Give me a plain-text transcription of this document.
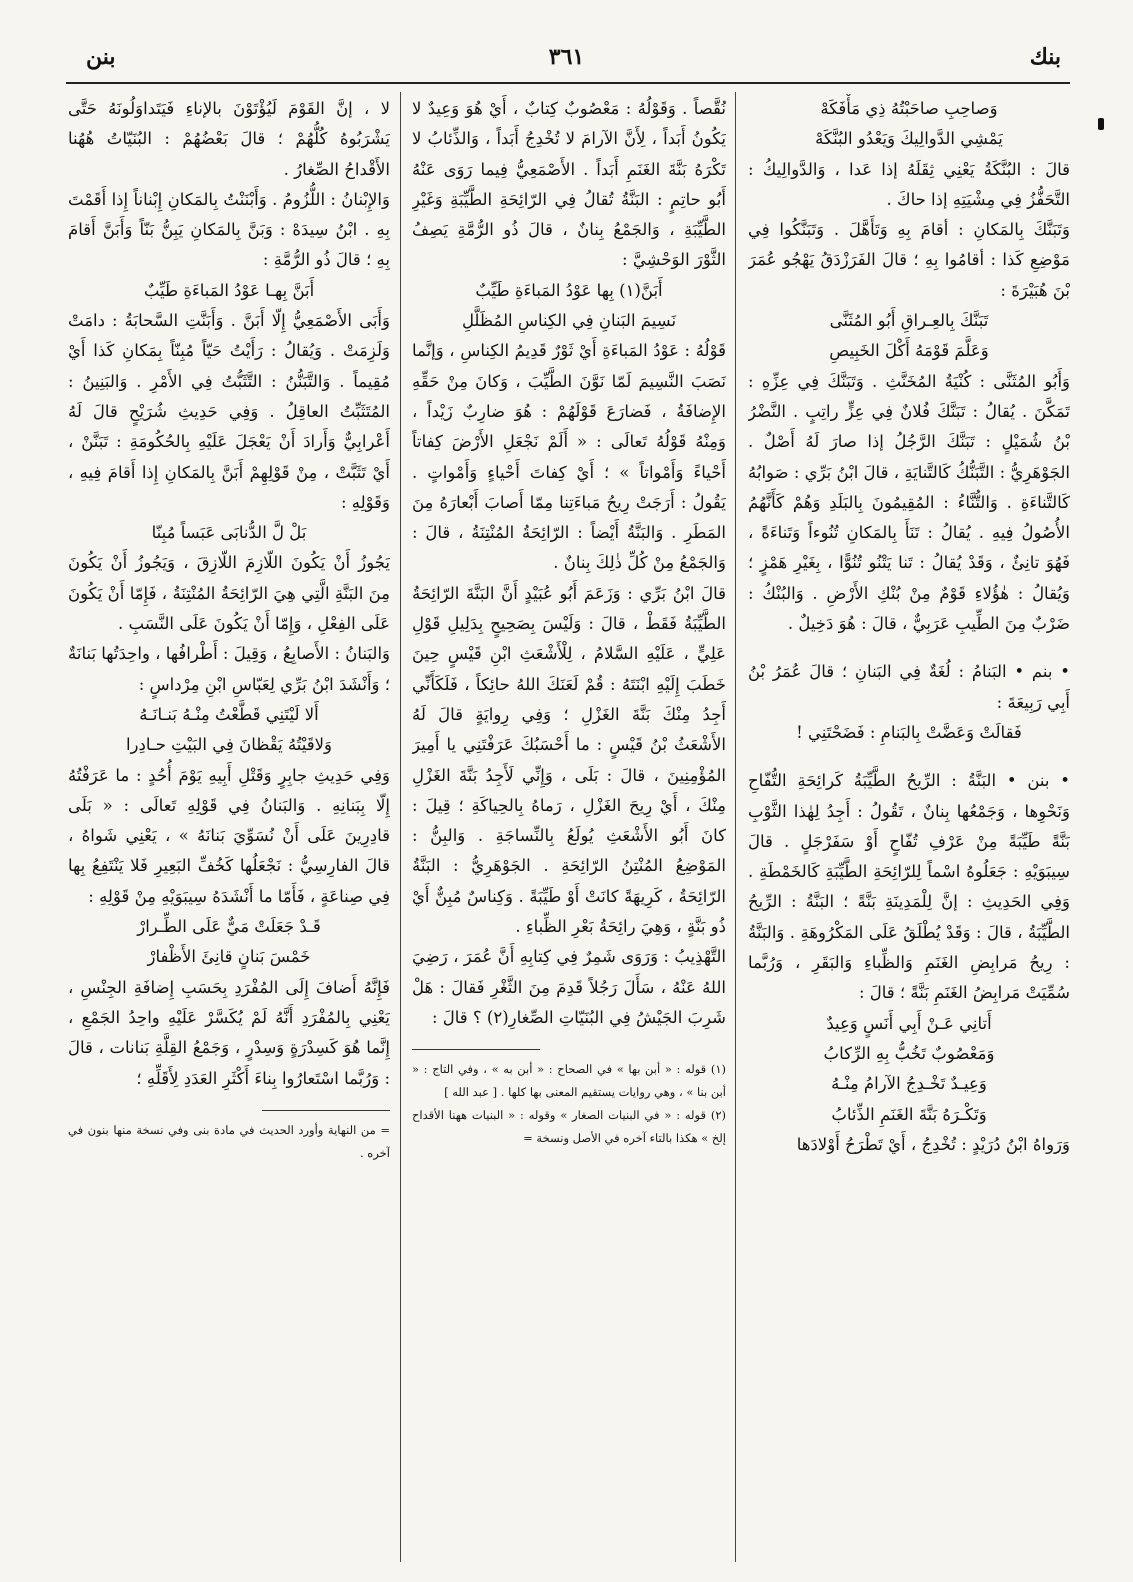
بنك
٣٦١
بنن
وَصاحِبِ صاحَبْتُهُ ذِي مَأْفَكَهْ
يَمْشِي الدَّوالِيكَ وَيَعْدُو البُنَّكَهْ

قالَ : البُنَّكَةُ يَعْنِي ثِقَلَهُ إذا عَدا ، وَالدَّوالِيكُ : التَّحَفُّزُ فِي مِشْيَتِهِ إذا حاكَ .

وَتَبَنَّكَ بِالمَكانِ : أقامَ بِهِ وَتَأَهَّلَ . وَتَبَنَّكُوا فِي مَوْضِعِ كَذا : أقامُوا بِهِ ؛ قالَ الفَرَزْدَقُ يَهْجُو عُمَرَ بْنَ هُبَيْرَةَ :

تَبَنَّكَ بِالعِـراقِ أَبُو المُثَنَّى
وَعَلَّمَ قَوْمَهُ أَكْلَ الخَبِيصِ

وَأَبُو المُثَنَّى : كُنْيَةُ المُخَنَّثِ . وَتَبَنَّكَ فِي عِزِّهِ : تَمَكَّنَ . يُقالُ : تَبَنَّكَ فُلانٌ فِي عِزٍّ راتِبٍ . النَّضْرُ بْنُ شُمَيْلٍ : تَبَنَّكَ الرَّجُلُ إذا صارَ لَهُ أَصْلٌ . الجَوْهَرِيُّ : التَّبَنُّكُ كَالتَّنايَةِ ، قالَ ابْنُ بَرِّي : صَوابُهُ كَالتَّناءَةِ . وَالتُّنَّاءُ : المُقِيمُونَ بِالبَلَدِ وَهُمْ كَأَنَّهُمُ الأُصُولُ فِيهِ . يُقالُ : تَنَأَ بِالمَكانِ تُنُوءاً وَتَناءَةً ، فَهُوَ تانِئٌ ، وَقَدْ يُقالُ : تَنا يَتْنُو تُنُوًّا ، بِغَيْرِ هَمْزٍ ؛ وَيُقالُ : هٰؤُلاءِ قَوْمٌ مِنْ بُنْكِ الأَرْضِ . وَالبُنْكُ : ضَرْبٌ مِنَ الطِّيبِ عَرَبِيٌّ ، قالَ : هُوَ دَخِيلٌ .

• بنم • البَنامُ : لُغَةٌ فِي البَنانِ ؛ قالَ عُمَرُ بْنُ أَبِي رَبِيعَةَ :

فَقالَتْ وَعَضَّتْ بِالبَنامِ : فَضَحْتَنِي !

• بنن • البَنَّةُ : الرِّيحُ الطَّيِّبَةُ كَرائِحَةِ التُّفّاحِ وَنَحْوِها ، وَجَمْعُها بِنانٌ ، تَقُولُ : أَجِدُ لِهٰذا الثَّوْبِ بَنَّةً طَيِّبَةً مِنْ عَرْفِ تُفّاحٍ أَوْ سَفَرْجَلٍ . قالَ سِيبَوَيْهِ : جَعَلُوهُ اسْماً لِلرّائِحَةِ الطَّيِّبَةِ كَالخَمْطَةِ . وَفِي الحَدِيثِ : إنَّ لِلْمَدِينَةِ بَنَّةً ؛ البَنَّةُ : الرِّيحُ الطَّيِّبَةُ ، قالَ : وَقَدْ يُطْلَقُ عَلَى المَكْرُوهَةِ . وَالبَنَّةُ : رِيحُ مَرابِضِ الغَنَمِ وَالظِّباءِ وَالبَقَرِ ، وَرُبَّما سُمِّيَتْ مَرابِضُ الغَنَمِ بَنَّةً ؛ قالَ :

أَتانِي عَـنْ أَبِي أَنَسٍ وَعِيدٌ
وَمَعْصُوبٌ تَخُبُّ بِهِ الرِّكابُ
وَعِيـدٌ تَخْـدِجُ الآرامُ مِنْـهُ
وَتَكْـرَهُ بَنَّةَ الغَنَمِ الذِّئابُ

وَرَواهُ ابْنُ دُرَيْدٍ : تُخْدِجُ ، أَيْ تَطْرَحُ أَوْلادَها

نُقَّصاً . وَقَوْلُهُ : مَعْصُوبٌ كِتابٌ ، أَيْ هُوَ وَعِيدٌ لا يَكُونُ أَبَداً ، لِأَنَّ الآرامَ لا تُخْدِجُ أَبَداً ، وَالذِّئابُ لا تَكْرَهُ بَنَّةَ الغَنَمِ أَبَداً . الأَصْمَعِيُّ فِيما رَوَى عَنْهُ أَبُو حاتِمٍ : البَنَّةُ تُقالُ فِي الرّائِحَةِ الطَّيِّبَةِ وَغَيْرِ الطَّيِّبَةِ ، وَالجَمْعُ بِنانٌ ، قالَ ذُو الرُّمَّةِ يَصِفُ الثَّوْرَ الوَحْشِيَّ :

أَبَنَّ(١) بِها عَوْدُ المَباءَةِ طَيِّبٌ
نَسِيمَ البَنانِ فِي الكِناسِ المُظَلَّلِ

قَوْلُهُ : عَوْدُ المَباءَةِ أَيْ ثَوْرٌ قَدِيمُ الكِناسِ ، وَإنَّما نَصَبَ النَّسِيمَ لَمّا نَوَّنَ الطَّيِّبَ ، وَكانَ مِنْ حَقِّهِ الإِضافَةُ ، فَضارَعَ قَوْلَهُمْ : هُوَ ضارِبٌ زَيْداً ، وَمِنْهُ قَوْلُهُ تَعالَى : « أَلَمْ نَجْعَلِ الأَرْضَ كِفاتاً أَحْياءً وَأَمْواتاً » ؛ أَيْ كِفاتَ أَحْياءٍ وَأَمْواتٍ . يَقُولُ : أَرَجَتْ رِيحُ مَباءَتِنا مِمّا أَصابَ أَبْعارَهُ مِنَ المَطَرِ . وَالبَنَّةُ أَيْضاً : الرّائِحَةُ المُنْتِنَةُ ، قالَ : وَالجَمْعُ مِنْ كُلِّ ذٰلِكَ بِنانٌ .

قالَ ابْنُ بَرِّي : وَزَعَمَ أَبُو عُبَيْدٍ أَنَّ البَنَّةَ الرّائِحَةُ الطَّيِّبَةُ فَقَطْ ، قالَ : وَلَيْسَ بِصَحِيحٍ بِدَلِيلِ قَوْلِ عَلِيٍّ ، عَلَيْهِ السَّلامُ ، لِلْأَشْعَثِ ابْنِ قَيْسٍ حِينَ خَطَبَ إِلَيْهِ ابْنَتَهُ : قُمْ لَعَنَكَ اللهُ حائِكاً ، فَلَكَأَنِّي أَجِدُ مِنْكَ بَنَّةَ الغَزْلِ ؛ وَفِي رِوايَةٍ قالَ لَهُ الأَشْعَثُ بْنُ قَيْسٍ : ما أَحْسَبُكَ عَرَفْتَنِي يا أَمِيرَ المُؤْمِنِينَ ، قالَ : بَلَى ، وَإِنِّي لَأَجِدُ بَنَّةَ الغَزْلِ مِنْكَ ، أَيْ رِيحَ الغَزْلِ ، رَماهُ بِالحِياكَةِ ؛ قِيلَ : كانَ أَبُو الأَشْعَثِ يُولَعُ بِالنِّساجَةِ . وَالبِنُّ : المَوْضِعُ المُنْتِنُ الرّائِحَةِ . الجَوْهَرِيُّ : البَنَّةُ الرّائِحَةُ ، كَرِيهَةً كانَتْ أَوْ طَيِّبَةً . وَكِناسٌ مُبِنٌّ أَيْ ذُو بَنَّةٍ ، وَهِيَ رائِحَةُ بَعْرِ الظِّباءِ .

التَّهْذِيبُ : وَرَوَى شَمِرٌ فِي كِتابِهِ أَنَّ عُمَرَ ، رَضِيَ اللهُ عَنْهُ ، سَأَلَ رَجُلاً قَدِمَ مِنَ الثَّغْرِ فَقالَ : هَلْ شَرِبَ الجَيْشُ فِي البُنَيّاتِ الصِّغارِ(٢) ؟ قالَ :

(١) قوله : « أبن بها » في الصحاح : « أبن به » ، وفي التاج : « أبن بنا » ، وهي روايات يستقيم المعنى بها كلها . [ عبد الله ]
(٢) قوله : « في البنيات الصغار » وقوله : « البنيات ههنا الأقداح إلخ » هكذا بالتاء آخره في الأصل ونسخة =

لا ، إنَّ القَوْمَ لَيُؤْتَوْنَ بالإناءِ فَيَتَداوَلُونَهُ حَتَّى يَشْرَبُوهُ كُلُّهُمْ ؛ قالَ بَعْضُهُمْ : البُنَيّاتُ هُهُنا الأَقْداحُ الصِّغارُ .

وَالإِبْنانُ : اللُّزُومُ . وَأَبْنَنْتُ بِالمَكانِ إِبْناناً إِذا أَقَمْتَ بِهِ . ابْنُ سِيدَهْ : وَبَنَّ بِالمَكانِ يَبِنُّ بَنّاً وَأَبَنَّ أَقامَ بِهِ ؛ قالَ ذُو الرُّمَّةِ :

أَبَنَّ بِهـا عَوْدُ المَباءَةِ طَيِّبٌ

وَأَبَى الأَصْمَعِيُّ إِلّا أَبَنَّ . وَأَبَنَّتِ السَّحابَةُ : دامَتْ وَلَزِمَتْ . وَيُقالُ : رَأَيْتُ حَيّاً مُبِنّاً بِمَكانِ كَذا أَيْ مُقِيماً . وَالتَّبَنُّنُ : التَّثَبُّتُ فِي الأَمْرِ . وَالبَنِينُ : المُتَثَبِّتُ العاقِلُ . وَفِي حَدِيثِ شُرَيْحٍ قالَ لَهُ أَعْرابِيٌّ وَأَرادَ أَنْ يَعْجَلَ عَلَيْهِ بِالحُكُومَةِ : تَبَنَّنْ ، أَيْ تَثَبَّتْ ، مِنْ قَوْلِهِمْ أَبَنَّ بِالمَكانِ إِذا أَقامَ فِيهِ ، وَقَوْلِهِ :

بَلْ لَّ الدُّنابَى عَبَساً مُبِنّا

يَجُوزُ أَنْ يَكُونَ اللّازِمَ اللّازِقَ ، وَيَجُوزُ أَنْ يَكُونَ مِنَ البَنَّةِ الَّتِي هِيَ الرّائِحَةُ المُنْتِنَةُ ، فَإِمّا أَنْ يَكُونَ عَلَى الفِعْلِ ، وَإِمّا أَنْ يَكُونَ عَلَى النَّسَبِ .

وَالبَنانُ : الأَصابِعُ ، وَقِيلَ : أَطْرافُها ، واحِدَتُها بَنانَةٌ ؛ وَأَنْشَدَ ابْنُ بَرِّي لِعَبّاسِ ابْنِ مِرْداسٍ :

أَلا لَيْتَنِي قَطَّعْتُ مِنْـهُ بَنـانَـهُ
وَلاقَيْتُهُ يَقْظانَ فِي البَيْتِ حـادِرا

وَفِي حَدِيثِ جابِرٍ وَقَتْلِ أَبِيهِ يَوْمَ أُحُدٍ : ما عَرَفْتُهُ إِلّا بِبَنانِهِ . وَالبَنانُ فِي قَوْلِهِ تَعالَى : « بَلَى قادِرِينَ عَلَى أَنْ نُسَوِّيَ بَنانَهُ » ، يَعْنِي شَواهُ ، قالَ الفارِسِيُّ : نَجْعَلُها كَخُفِّ البَعِيرِ فَلا يَنْتَفِعُ بِها فِي صِناعَةٍ ، فَأَمّا ما أَنْشَدَهُ سِيبَوَيْهِ مِنْ قَوْلِهِ :

قَـدْ جَعَلَتْ مَيٌّ عَلَى الطِّـرارْ
خَمْسَ بَنانٍ قانِئَ الأَظْفارْ

فَإِنَّهُ أَضافَ إِلَى المُفْرَدِ بِحَسَبِ إِضافَةِ الجِنْسِ ، يَعْنِي بِالمُفْرَدِ أَنَّهُ لَمْ يُكَسَّرْ عَلَيْهِ واحِدُ الجَمْعِ ، إِنَّما هُوَ كَسِدْرَةٍ وَسِدْرٍ ، وَجَمْعُ القِلَّةِ بَنانات ، قالَ : وَرُبَّما اسْتَعارُوا بِناءَ أَكْثَرِ العَدَدِ لِأَقَلِّهِ ؛

= من النهاية وأورد الحديث في مادة بنى وفي نسخة منها بنون في آخره .
